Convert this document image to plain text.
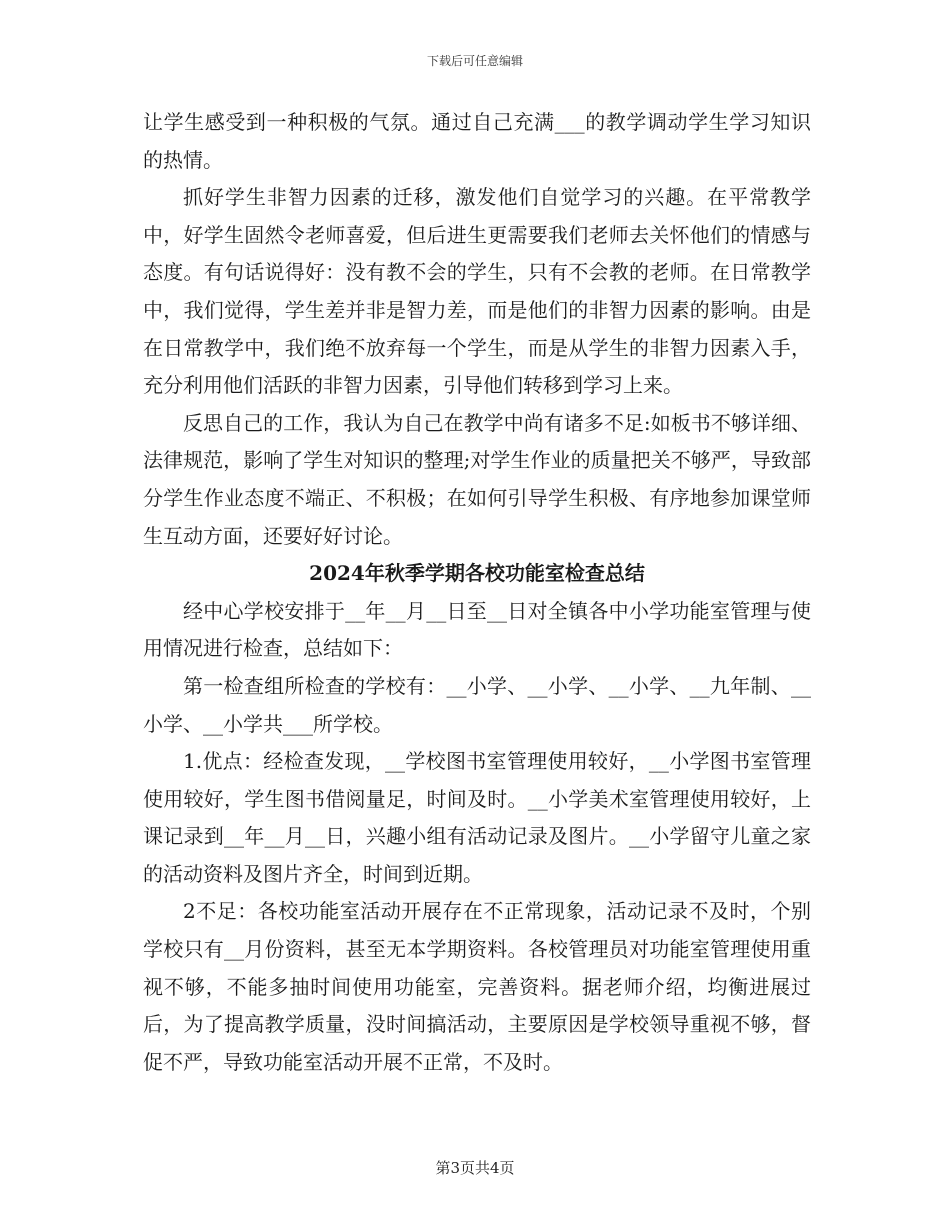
下载后可任意编辑

让学生感受到一种积极的气氛。通过自己充满___的教学调动学生学习知识的热情。

抓好学生非智力因素的迁移，激发他们自觉学习的兴趣。在平常教学中，好学生固然令老师喜爱，但后进生更需要我们老师去关怀他们的情感与态度。有句话说得好：没有教不会的学生，只有不会教的老师。在日常教学中，我们觉得，学生差并非是智力差，而是他们的非智力因素的影响。由是在日常教学中，我们绝不放弃每一个学生，而是从学生的非智力因素入手，充分利用他们活跃的非智力因素，引导他们转移到学习上来。

反思自己的工作，我认为自己在教学中尚有诸多不足:如板书不够详细、法律规范，影响了学生对知识的整理;对学生作业的质量把关不够严，导致部分学生作业态度不端正、不积极；在如何引导学生积极、有序地参加课堂师生互动方面，还要好好讨论。

2024年秋季学期各校功能室检查总结

经中心学校安排于__年__月__日至__日对全镇各中小学功能室管理与使用情况进行检查，总结如下：

第一检查组所检查的学校有：__小学、__小学、__小学、__九年制、__小学、__小学共___所学校。

1.优点：经检查发现，__学校图书室管理使用较好，__小学图书室管理使用较好，学生图书借阅量足，时间及时。__小学美术室管理使用较好，上课记录到__年__月__日，兴趣小组有活动记录及图片。__小学留守儿童之家的活动资料及图片齐全，时间到近期。

2不足：各校功能室活动开展存在不正常现象，活动记录不及时，个别学校只有__月份资料，甚至无本学期资料。各校管理员对功能室管理使用重视不够，不能多抽时间使用功能室，完善资料。据老师介绍，均衡进展过后，为了提高教学质量，没时间搞活动，主要原因是学校领导重视不够，督促不严，导致功能室活动开展不正常，不及时。

第3页共4页
